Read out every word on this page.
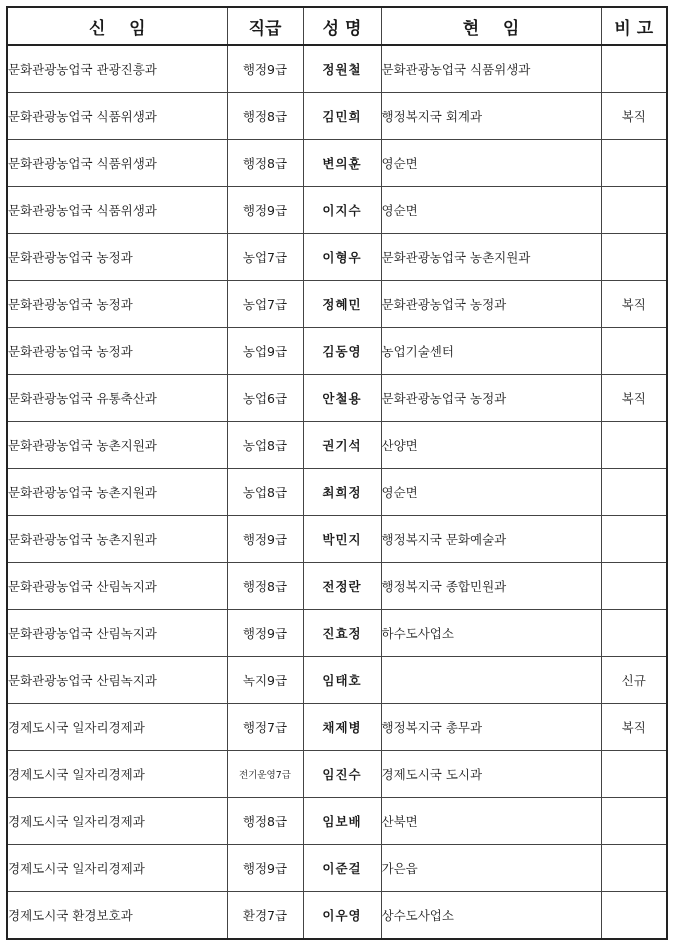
신    임	직급	성 명	현    임	비 고
문화관광농업국 관광진흥과	행정9급	정원철	문화관광농업국 식품위생과	
문화관광농업국 식품위생과	행정8급	김민희	행정복지국 회계과	복직
문화관광농업국 식품위생과	행정8급	변의훈	영순면	
문화관광농업국 식품위생과	행정9급	이지수	영순면	
문화관광농업국 농정과	농업7급	이형우	문화관광농업국 농촌지원과	
문화관광농업국 농정과	농업7급	정혜민	문화관광농업국 농정과	복직
문화관광농업국 농정과	농업9급	김동영	농업기술센터	
문화관광농업국 유통축산과	농업6급	안철용	문화관광농업국 농정과	복직
문화관광농업국 농촌지원과	농업8급	권기석	산양면	
문화관광농업국 농촌지원과	농업8급	최희정	영순면	
문화관광농업국 농촌지원과	행정9급	박민지	행정복지국 문화예술과	
문화관광농업국 산림녹지과	행정8급	전정란	행정복지국 종합민원과	
문화관광농업국 산림녹지과	행정9급	진효정	하수도사업소	
문화관광농업국 산림녹지과	녹지9급	임태호		신규
경제도시국 일자리경제과	행정7급	채제병	행정복지국 총무과	복직
경제도시국 일자리경제과	전기운영7급	임진수	경제도시국 도시과	
경제도시국 일자리경제과	행정8급	임보배	산북면	
경제도시국 일자리경제과	행정9급	이준걸	가은읍	
경제도시국 환경보호과	환경7급	이우영	상수도사업소	
